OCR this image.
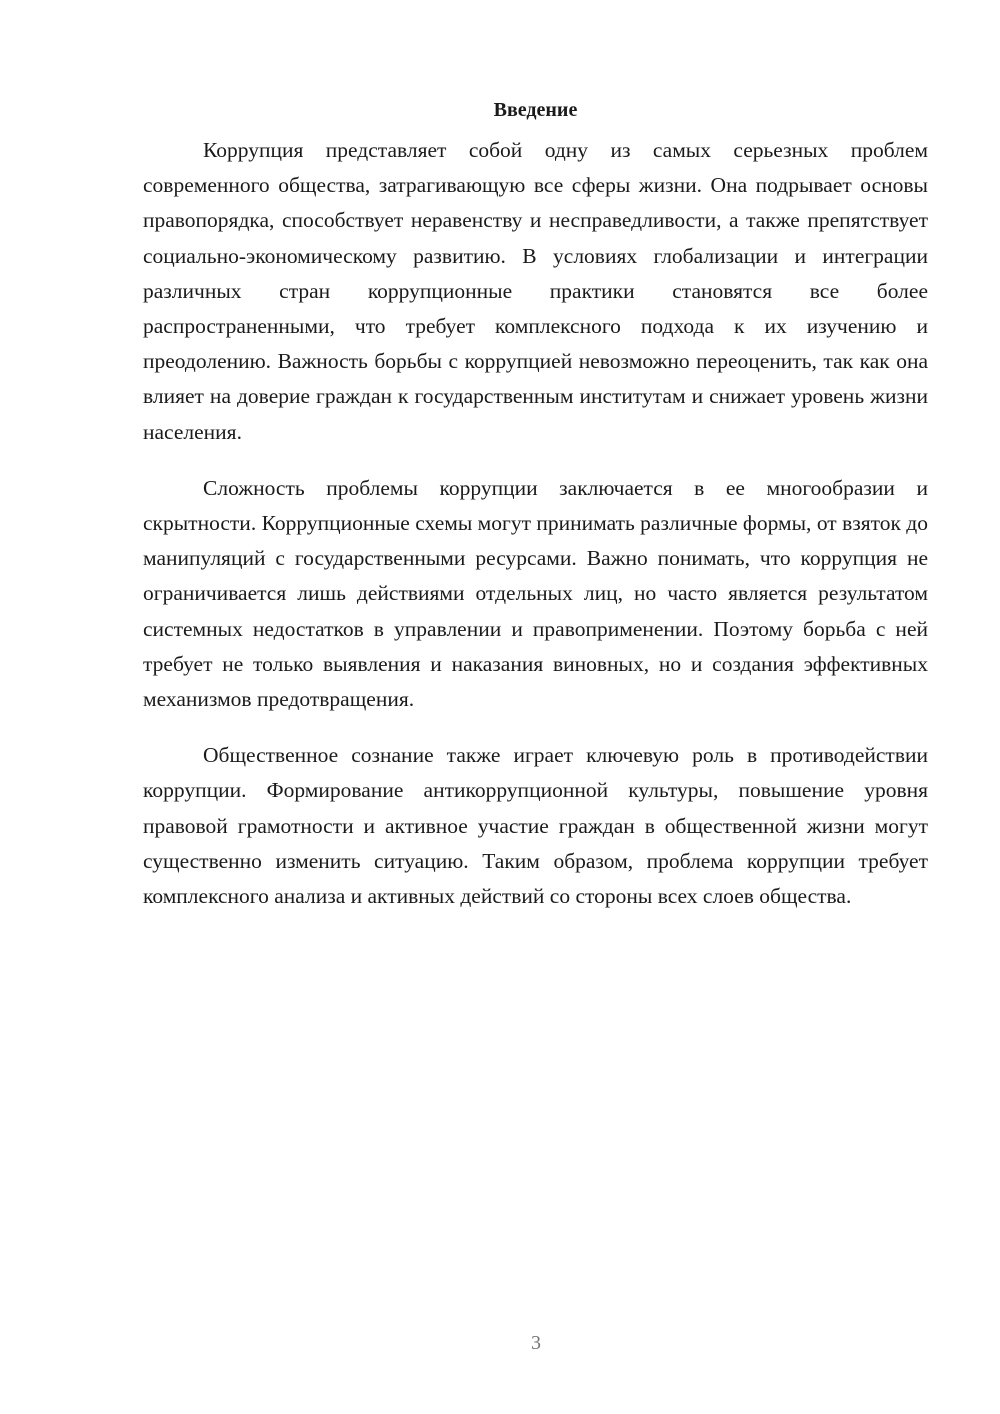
Введение

Коррупция представляет собой одну из самых серьезных проблем современного общества, затрагивающую все сферы жизни. Она подрывает основы правопорядка, способствует неравенству и несправедливости, а также препятствует социально-экономическому развитию. В условиях глобализации и интеграции различных стран коррупционные практики становятся все более распространенными, что требует комплексного подхода к их изучению и преодолению. Важность борьбы с коррупцией невозможно переоценить, так как она влияет на доверие граждан к государственным институтам и снижает уровень жизни населения.

Сложность проблемы коррупции заключается в ее многообразии и скрытности. Коррупционные схемы могут принимать различные формы, от взяток до манипуляций с государственными ресурсами. Важно понимать, что коррупция не ограничивается лишь действиями отдельных лиц, но часто является результатом системных недостатков в управлении и правоприменении. Поэтому борьба с ней требует не только выявления и наказания виновных, но и создания эффективных механизмов предотвращения.

Общественное сознание также играет ключевую роль в противодействии коррупции. Формирование антикоррупционной культуры, повышение уровня правовой грамотности и активное участие граждан в общественной жизни могут существенно изменить ситуацию. Таким образом, проблема коррупции требует комплексного анализа и активных действий со стороны всех слоев общества.

3
